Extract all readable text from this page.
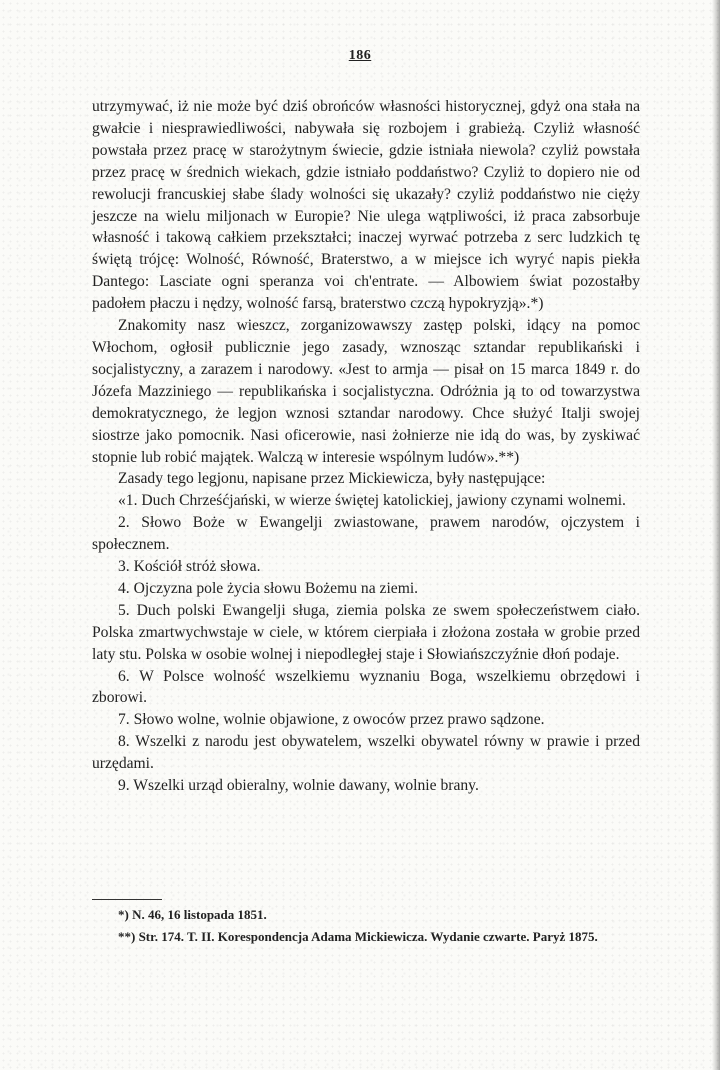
186

utrzymywać, iż nie może być dziś obrońców własności historycznej, gdyż ona stała na gwałcie i niesprawiedliwości, nabywała się rozbojem i grabieżą. Czyliż własność powstała przez pracę w starożytnym świecie, gdzie istniała niewola? czyliż powstała przez pracę w średnich wiekach, gdzie istniało poddaństwo? Czyliż to dopiero nie od rewolucji francuskiej słabe ślady wolności się ukazały? czyliż poddaństwo nie cięży jeszcze na wielu miljonach w Europie? Nie ulega wątpliwości, iż praca zabsorbuje własność i takową całkiem przekształci; inaczej wyrwać potrzeba z serc ludzkich tę świętą trójcę: Wolność, Równość, Braterstwo, a w miejsce ich wyryć napis piekła Dantego: Lasciate ogni speranza voi ch'entrate. — Albowiem świat pozostałby padołem płaczu i nędzy, wolność farsą, braterstwo czczą hypokryzją».*)

Znakomity nasz wieszcz, zorganizowawszy zastęp polski, idący na pomoc Włochom, ogłosił publicznie jego zasady, wznosząc sztandar republikański i socjalistyczny, a zarazem i narodowy. «Jest to armja — pisał on 15 marca 1849 r. do Józefa Mazziniego — republikańska i socjalistyczna. Odróżnia ją to od towarzystwa demokratycznego, że legjon wznosi sztandar narodowy. Chce służyć Italji swojej siostrze jako pomocnik. Nasi oficerowie, nasi żołnierze nie idą do was, by zyskiwać stopnie lub robić majątek. Walczą w interesie wspólnym ludów».**)

Zasady tego legjonu, napisane przez Mickiewicza, były następujące:

«1. Duch Chrześćjański, w wierze świętej katolickiej, jawiony czynami wolnemi.

2. Słowo Boże w Ewangelji zwiastowane, prawem narodów, ojczystem i społecznem.

3. Kościół stróż słowa.

4. Ojczyzna pole życia słowu Bożemu na ziemi.

5. Duch polski Ewangelji sługa, ziemia polska ze swem społeczeństwem ciało. Polska zmartwychwstaje w ciele, w którem cierpiała i złożona została w grobie przed laty stu. Polska w osobie wolnej i niepodległej staje i Słowiańszczyźnie dłoń podaje.

6. W Polsce wolność wszelkiemu wyznaniu Boga, wszelkiemu obrzędowi i zborowi.

7. Słowo wolne, wolnie objawione, z owoców przez prawo sądzone.

8. Wszelki z narodu jest obywatelem, wszelki obywatel równy w prawie i przed urzędami.

9. Wszelki urząd obieralny, wolnie dawany, wolnie brany.

*) N. 46, 16 listopada 1851.

**) Str. 174. T. II. Korespondencja Adama Mickiewicza. Wydanie czwarte. Paryż 1875.
